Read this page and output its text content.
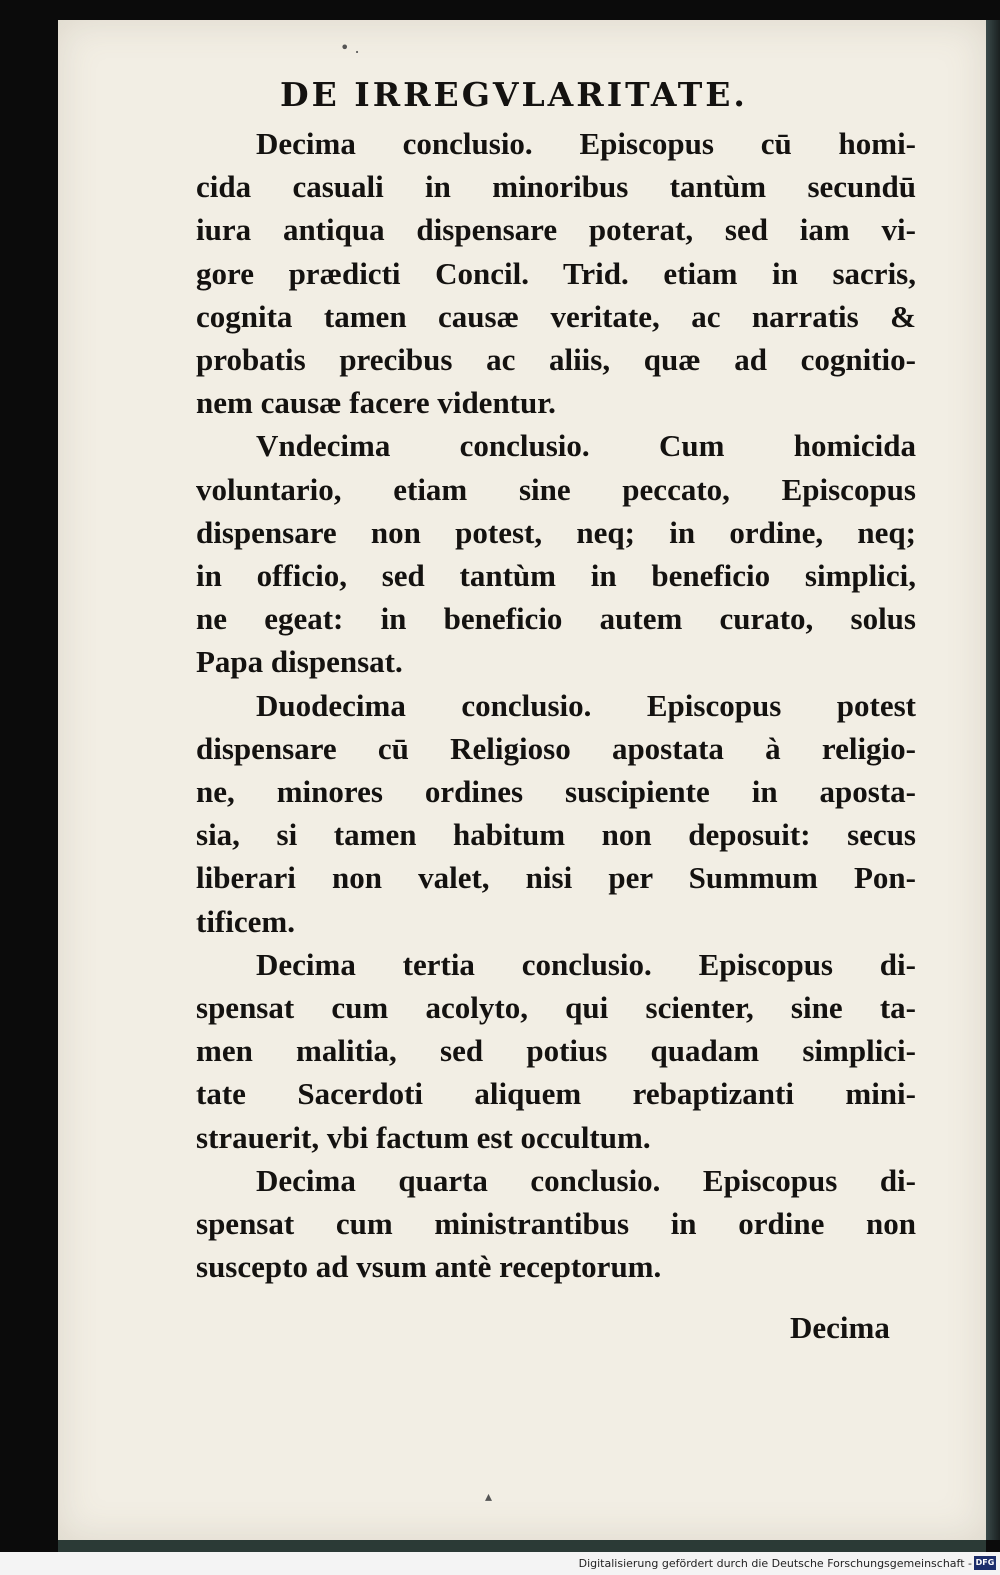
• .
DE IRREGVLARITATE.
Decima conclusio. Episcopus cū homi-
cida casuali in minoribus tantùm secundū
iura antiqua dispensare poterat, sed iam vi-
gore prædicti Concil. Trid. etiam in sacris,
cognita tamen causæ veritate, ac narratis &
probatis precibus ac aliis, quæ ad cognitio-
nem causæ facere videntur.
Vndecima conclusio. Cum homicida
voluntario, etiam sine peccato, Episcopus
dispensare non potest, neq; in ordine, neq;
in officio, sed tantùm in beneficio simplici,
ne egeat: in beneficio autem curato, solus
Papa dispensat.
Duodecima conclusio. Episcopus potest
dispensare cū Religioso apostata à religio-
ne, minores ordines suscipiente in aposta-
sia, si tamen habitum non deposuit: secus
liberari non valet, nisi per Summum Pon-
tificem.
Decima tertia conclusio. Episcopus di-
spensat cum acolyto, qui scienter, sine ta-
men malitia, sed potius quadam simplici-
tate Sacerdoti aliquem rebaptizanti mini-
strauerit, vbi factum est occultum.
Decima quarta conclusio. Episcopus di-
spensat cum ministrantibus in ordine non
suscepto ad vsum antè receptorum.
Decima
▴
Digitalisierung gefördert durch die Deutsche Forschungsgemeinschaft - DFG
